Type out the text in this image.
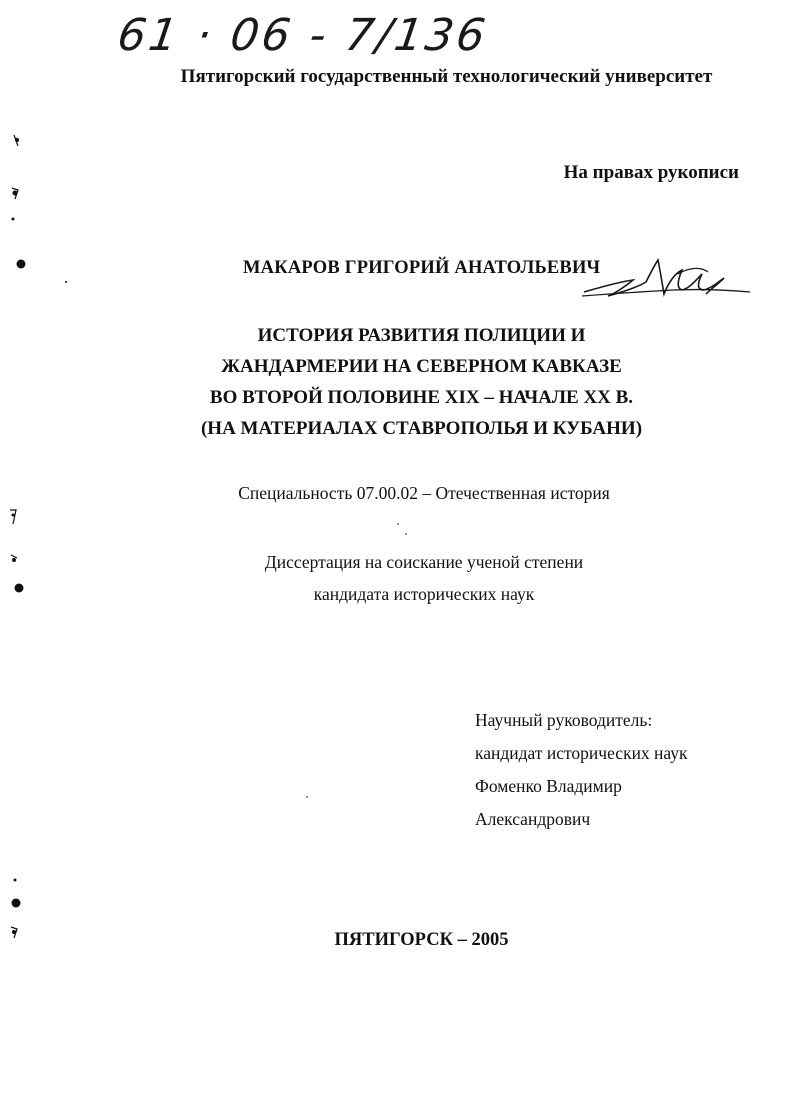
61 · 06 - 7/136
Пятигорский государственный технологический университет
На правах рукописи
МАКАРОВ ГРИГОРИЙ АНАТОЛЬЕВИЧ
ИСТОРИЯ РАЗВИТИЯ ПОЛИЦИИ И
ЖАНДАРМЕРИИ НА СЕВЕРНОМ КАВКАЗЕ
ВО ВТОРОЙ ПОЛОВИНЕ XIX – НАЧАЛЕ XX В.
(НА МАТЕРИАЛАХ СТАВРОПОЛЬЯ И КУБАНИ)
Специальность 07.00.02 – Отечественная история
Диссертация на соискание ученой степени
кандидата исторических наук
Научный руководитель:
кандидат исторических наук
Фоменко Владимир
Александрович
ПЯТИГОРСК – 2005
